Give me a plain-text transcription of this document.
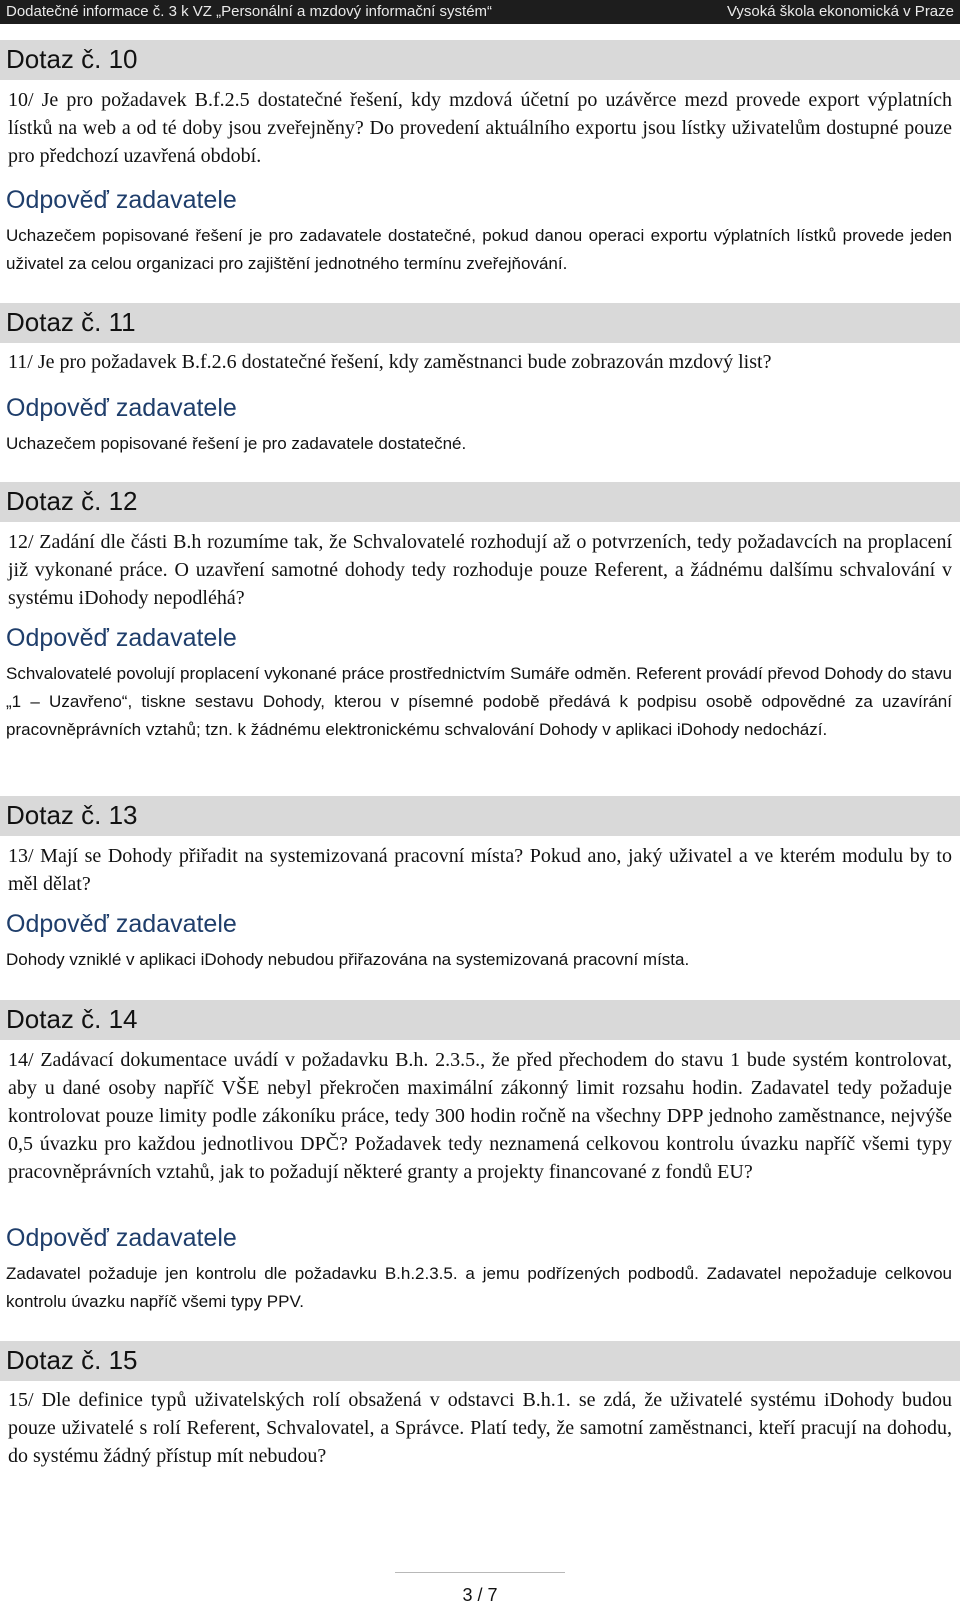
Dodatečné informace č. 3 k VZ „Personální a mzdový informační systém“	Vysoká škola ekonomická v Praze
Dotaz č. 10
10/ Je pro požadavek B.f.2.5 dostatečné řešení, kdy mzdová účetní po uzávěrce mezd provede export výplatních lístků na web a od té doby jsou zveřejněny? Do provedení aktuálního exportu jsou lístky uživatelům dostupné pouze pro předchozí uzavřená období.
Odpověď zadavatele
Uchazečem popisované řešení je pro zadavatele dostatečné, pokud danou operaci exportu výplatních lístků provede jeden uživatel za celou organizaci pro zajištění jednotného termínu zveřejňování.
Dotaz č. 11
11/ Je pro požadavek B.f.2.6 dostatečné řešení, kdy zaměstnanci bude zobrazován mzdový list?
Odpověď zadavatele
Uchazečem popisované řešení je pro zadavatele dostatečné.
Dotaz č. 12
12/ Zadání dle části B.h rozumíme tak, že Schvalovatelé rozhodují až o potvrzeních, tedy požadavcích na proplacení již vykonané práce. O uzavření samotné dohody tedy rozhoduje pouze Referent, a žádnému dalšímu schvalování v systému iDohody nepodléhá?
Odpověď zadavatele
Schvalovatelé povolují proplacení vykonané práce prostřednictvím Sumáře odměn. Referent provádí převod Dohody do stavu „1 – Uzavřeno“, tiskne sestavu Dohody, kterou v písemné podobě předává k podpisu osobě odpovědné za uzavírání pracovněprávních vztahů; tzn. k žádnému elektronickému schvalování Dohody v aplikaci iDohody nedochází.
Dotaz č. 13
13/ Mají se Dohody přiřadit na systemizovaná pracovní místa? Pokud ano, jaký uživatel a ve kterém modulu by to měl dělat?
Odpověď zadavatele
Dohody vzniklé v aplikaci iDohody nebudou přiřazována na systemizovaná pracovní místa.
Dotaz č. 14
14/ Zadávací dokumentace uvádí v požadavku B.h. 2.3.5., že před přechodem do stavu 1 bude systém kontrolovat, aby u dané osoby napříč VŠE nebyl překročen maximální zákonný limit rozsahu hodin. Zadavatel tedy požaduje kontrolovat pouze limity podle zákoníku práce, tedy 300 hodin ročně na všechny DPP jednoho zaměstnance, nejvýše 0,5 úvazku pro každou jednotlivou DPČ? Požadavek tedy neznamená celkovou kontrolu úvazku napříč všemi typy pracovněprávních vztahů, jak to požadují některé granty a projekty financované z fondů EU?
Odpověď zadavatele
Zadavatel požaduje jen kontrolu dle požadavku B.h.2.3.5. a jemu podřízených podbodů. Zadavatel nepožaduje celkovou kontrolu úvazku napříč všemi typy PPV.
Dotaz č. 15
15/ Dle definice typů uživatelských rolí obsažená v odstavci B.h.1. se zdá, že uživatelé systému iDohody budou pouze uživatelé s rolí Referent, Schvalovatel, a Správce. Platí tedy, že samotní zaměstnanci, kteří pracují na dohodu, do systému žádný přístup mít nebudou?
3 / 7
